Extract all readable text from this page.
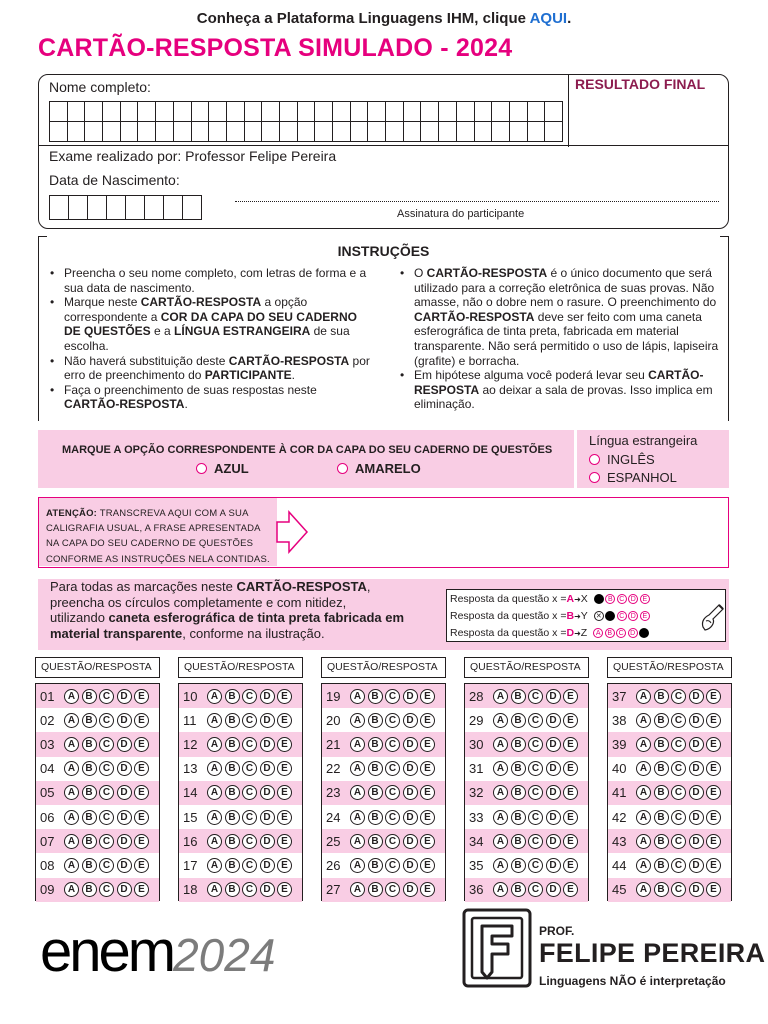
Conheça a Plataforma Linguagens IHM, clique AQUI.
CARTÃO-RESPOSTA SIMULADO - 2024
Nome completo:	RESULTADO FINAL
Exame realizado por: Professor Felipe Pereira
Data de Nascimento:
Assinatura do participante
INSTRUÇÕES
• Preencha o seu nome completo, com letras de forma e a sua data de nascimento.
• Marque neste CARTÃO-RESPOSTA a opção correspondente a COR DA CAPA DO SEU CADERNO DE QUESTÕES e a LÍNGUA ESTRANGEIRA de sua escolha.
• Não haverá substituição deste CARTÃO-RESPOSTA por erro de preenchimento do PARTICIPANTE.
• Faça o preenchimento de suas respostas neste CARTÃO-RESPOSTA.
• O CARTÃO-RESPOSTA é o único documento que será utilizado para a correção eletrônica de suas provas. Não amasse, não o dobre nem o rasure. O preenchimento do CARTÃO-RESPOSTA deve ser feito com uma caneta esferográfica de tinta preta, fabricada em material transparente. Não será permitido o uso de lápis, lapiseira (grafite) e borracha.
• Em hipótese alguma você poderá levar seu CARTÃO-RESPOSTA ao deixar a sala de provas. Isso implica em eliminação.
MARQUE A OPÇÃO CORRESPONDENTE À COR DA CAPA DO SEU CADERNO DE QUESTÕES
AZUL	AMARELO
Língua estrangeira
INGLÊS
ESPANHOL
ATENÇÃO: TRANSCREVA AQUI COM A SUA
CALIGRAFIA USUAL, A FRASE APRESENTADA
NA CAPA DO SEU CADERNO DE QUESTÕES
CONFORME AS INSTRUÇÕES NELA CONTIDAS.
Para todas as marcações neste CARTÃO-RESPOSTA,
preencha os círculos completamente e com nitidez,
utilizando caneta esferográfica de tinta preta fabricada em
material transparente, conforme na ilustração.
Resposta da questão x = A ➜ X	A B C D E
Resposta da questão x = B ➜ Y ✕ B C D E
Resposta da questão x = D ➜ Z	A B C D E
QUESTÃO/RESPOSTA
01	A	B	C	D	E
02	A	B	C	D	E
03	A	B	C	D	E
04	A	B	C	D	E
05	A	B	C	D	E
06	A	B	C	D	E
07	A	B	C	D	E
08	A	B	C	D	E
09	A	B	C	D	E
QUESTÃO/RESPOSTA
10	A	B	C	D	E
11	A	B	C	D	E
12	A	B	C	D	E
13	A	B	C	D	E
14	A	B	C	D	E
15	A	B	C	D	E
16	A	B	C	D	E
17	A	B	C	D	E
18	A	B	C	D	E
QUESTÃO/RESPOSTA
19	A	B	C	D	E
20	A	B	C	D	E
21	A	B	C	D	E
22	A	B	C	D	E
23	A	B	C	D	E
24	A	B	C	D	E
25	A	B	C	D	E
26	A	B	C	D	E
27	A	B	C	D	E
QUESTÃO/RESPOSTA
28	A	B	C	D	E
29	A	B	C	D	E
30	A	B	C	D	E
31	A	B	C	D	E
32	A	B	C	D	E
33	A	B	C	D	E
34	A	B	C	D	E
35	A	B	C	D	E
36	A	B	C	D	E
QUESTÃO/RESPOSTA
37	A	B	C	D	E
38	A	B	C	D	E
39	A	B	C	D	E
40	A	B	C	D	E
41	A	B	C	D	E
42	A	B	C	D	E
43	A	B	C	D	E
44	A	B	C	D	E
45	A	B	C	D	E
enem2024	PROF.
FELIPE PEREIRA
Linguagens NÃO é interpretação
